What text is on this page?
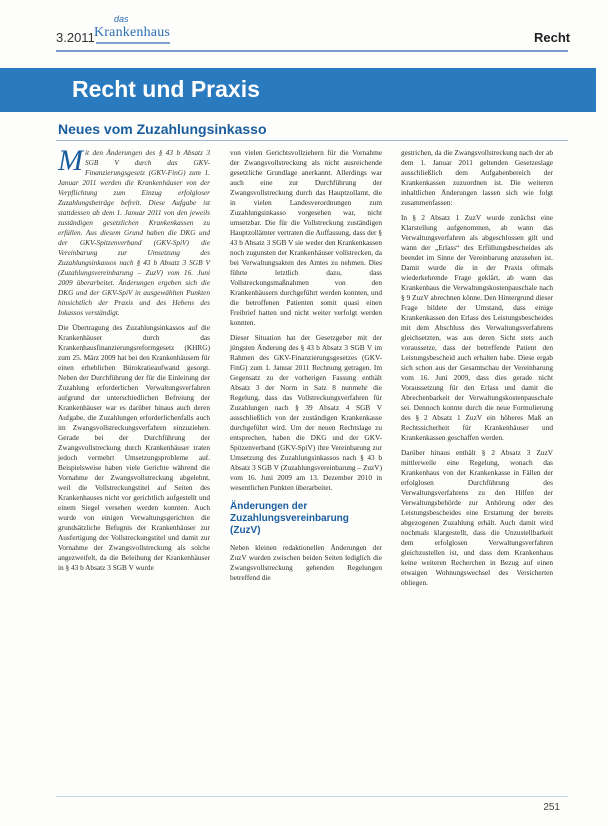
3.2011
das
Krankenhaus	Recht
Recht und Praxis
Neues vom Zuzahlungsinkasso

Mit den Änderungen des § 43 b Absatz 3 SGB V durch das GKV-Finanzierungsgesetz (GKV-FinG) zum 1. Januar 2011 werden die Krankenhäuser von der Verpflichtung zum Einzug erfolgloser Zuzahlungsbeträge befreit. Diese Aufgabe ist stattdessen ab dem 1. Januar 2011 von den jeweils zuständigen gesetzlichen Krankenkassen zu erfüllen. Aus diesem Grund haben die DKG und der GKV-Spitzenverband (GKV-SpiV) die Vereinbarung zur Umsetzung des Zuzahlungsinkassos nach § 43 b Absatz 3 SGB V (Zuzahlungsvereinbarung – ZuzV) vom 16. Juni 2009 überarbeitet. Änderungen ergeben sich die DKG und der GKV-SpiV in ausgewählten Punkten hinsichtlich der Praxis und des Hebens des Inkassos verständigt.

Die Übertragung des Zuzahlungsinkassos auf die Krankenhäuser durch das Krankenhausfinanzierungsreformgesetz (KHRG) zum 25. März 2009 hat bei den Krankenhäusern für einen erheblichen Bürokratieaufwand gesorgt. Neben der Durchführung der für die Einleitung der Zuzahlung erforderlichen Verwaltungsverfahren aufgrund der unterschiedlichen Befreiung der Krankenhäuser war es darüber hinaus auch deren Aufgabe, die Zuzahlungen erforderlichenfalls auch im Zwangsvollstreckungsverfahren einzuziehen. Gerade bei der Durchführung der Zwangsvollstreckung durch Krankenhäuser traten jedoch vermehrt Umsetzungsprobleme auf. Beispielsweise haben viele Gerichte während die Vornahme der Zwangsvollstreckung abgelehnt, weil die Vollstreckungstitel auf Seiten des Krankenhauses nicht vor gerichtlich aufgestellt und einem Siegel versehen werden konnten. Auch wurde von einigen Verwaltungsgerichten die grundsätzliche Befugnis der Krankenhäuser zur Ausfertigung der Vollstreckungstitel und damit zur Vornahme der Zwangsvollstreckung als solche angezweifelt, da die Beleihung der Krankenhäuser in § 43 b Absatz 3 SGB V wurde

von vielen Gerichtsvollziehern für die Vornahme der Zwangsvollstreckung als nicht ausreichende gesetzliche Grundlage anerkannt. Allerdings war auch eine zur Durchführung der Zwangsvollstreckung durch das Hauptzollamt, die in vielen Landesverordnungen zum Zuzahlungsinkasso vorgesehen war, nicht umsetzbar. Die für die Vollstreckung zuständigen Hauptzollämter vertraten die Auffassung, dass der § 43 b Absatz 3 SGB V sie weder den Krankenkassen noch zugunsten der Krankenhäuser vollstrecken, da bei Verwaltungsakten des Amtes zu nehmen. Dies führte letztlich dazu, dass Vollstreckungsmaßnahmen von den Krankenhäusern durchgeführt werden konnten, und die betroffenen Patienten somit quasi einen Freibrief hatten und nicht weiter verfolgt werden konnten.

Dieser Situation hat der Gesetzgeber mit der jüngsten Änderung des § 43 b Absatz 3 SGB V im Rahmen des GKV-Finanzierungsgesetzes (GKV-FinG) zum 1. Januar 2011 Rechnung getragen. Im Gegensatz zu der vorherigen Fassung enthält Absatz 3 der Norm in Satz 8 nunmehr die Regelung, dass das Vollstreckungsverfahren für Zuzahlungen nach § 39 Absatz 4 SGB V ausschließlich von der zuständigen Krankenkasse durchgeführt wird. Um der neuen Rechtslage zu entsprechen, haben die DKG und der GKV-Spitzenverband (GKV-SpiV) ihre Vereinbarung zur Umsetzung des Zuzahlungsinkassos nach § 43 b Absatz 3 SGB V (Zuzahlungsvereinbarung – ZuzV) vom 16. Juni 2009 am 13. Dezember 2010 in wesentlichen Punkten überarbeitet.

Änderungen der Zuzahlungsvereinbarung (ZuzV)

Neben kleinen redaktionellen Änderungen der ZuzV wurden zwischen beiden Seiten lediglich die Zwangsvollstreckung gehenden Regelungen betreffend die

gestrichen, da die Zwangsvollstreckung nach der ab dem 1. Januar 2011 geltenden Gesetzeslage ausschließlich dem Aufgabenbereich der Krankenkassen zuzuordnen ist. Die weiteren inhaltlichen Änderungen lassen sich wie folgt zusammenfassen:

In § 2 Absatz 1 ZuzV wurde zunächst eine Klarstellung aufgenommen, ab wann das Verwaltungsverfahren als abgeschlossen gilt und wann der „Erlass“ des Erfüllungsbescheides als beendet im Sinne der Vereinbarung anzusehen ist. Damit wurde die in der Praxis oftmals wiederkehrende Frage geklärt, ab wann das Krankenhaus die Verwaltungskostenpauschale nach § 9 ZuzV abrechnen könne. Den Hintergrund dieser Frage bildete der Umstand, dass einige Krankenkassen den Erlass des Leistungsbescheides mit dem Abschluss des Verwaltungsverfahrens gleichsetzten, was aus deren Sicht stets auch voraussetze, dass der betreffende Patient den Leistungsbescheid auch erhalten habe. Diese ergab sich schon aus der Gesamtschau der Vereinbarung vom 16. Juni 2009, dass dies gerade nicht Voraussetzung für den Erlass und damit die Abrechenbarkeit der Verwaltungskostenpauschale sei. Dennoch konnte durch die neue Formulierung des § 2 Absatz 1 ZuzV ein höheres Maß an Rechtssicherheit für Krankenhäuser und Krankenkassen geschaffen werden.

Darüber hinaus enthält § 2 Absatz 3 ZuzV mittlerweile eine Regelung, wonach das Krankenhaus von der Krankenkasse in Fällen der erfolglosen Durchführung des Verwaltungsverfahrens zu den Hilfen der Verwaltungsbehörde zur Anhörung oder des Leistungsbescheides eine Erstattung der bereits abgezogenen Zuzahlung erhält. Auch damit wird nochmals klargestellt, dass die Unzustellbarkeit dem erfolglosen Verwaltungsverfahren gleichzustellen ist, und dass dem Krankenhaus keine weiteren Recherchen in Bezug auf einen etwaigen Wohnungswechsel des Versicherten obliegen.

251
